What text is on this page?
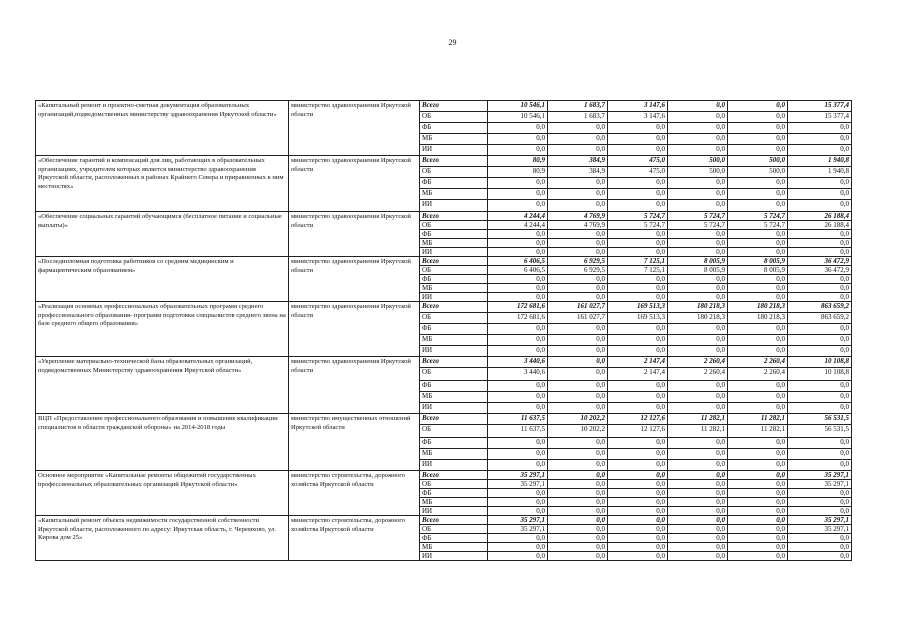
29
«Капитальный ремонт и проектно-сметная документация образовательных организаций,подведомственных министерству здравоохранения Иркутской области»	министерство здравоохранения Иркутской области	Всего	10 546,1	1 683,7	3 147,6	0,0	0,0	15 377,4
		ОБ	10 546,1	1 683,7	3 147,6	0,0	0,0	15 377,4
		ФБ	0,0	0,0	0,0	0,0	0,0	0,0
		МБ	0,0	0,0	0,0	0,0	0,0	0,0
		ИИ	0,0	0,0	0,0	0,0	0,0	0,0
«Обеспечение гарантий и компенсаций для лиц, работающих в образовательных организациях, учредителем которых является министерство здравоохранения Иркутской области, расположенных в районах Крайнего Севера и приравненных к ним местностях»	министерство здравоохранения Иркутской области	Всего	80,9	384,9	475,0	500,0	500,0	1 940,8
		ОБ	80,9	384,9	475,0	500,0	500,0	1 940,8
		ФБ	0,0	0,0	0,0	0,0	0,0	0,0
		МБ	0,0	0,0	0,0	0,0	0,0	0,0
		ИИ	0,0	0,0	0,0	0,0	0,0	0,0
«Обеспечение социальных гарантий обучающимся (бесплатное питание и социальные выплаты)»	министерство здравоохранения Иркутской области	Всего	4 244,4	4 769,9	5 724,7	5 724,7	5 724,7	26 188,4
		ОБ	4 244,4	4 769,9	5 724,7	5 724,7	5 724,7	26 188,4
		ФБ	0,0	0,0	0,0	0,0	0,0	0,0
		МБ	0,0	0,0	0,0	0,0	0,0	0,0
		ИИ	0,0	0,0	0,0	0,0	0,0	0,0
«Последипломная подготовка работников со средним медицинским и фармацевтическим образованием»	министерство здравоохранения Иркутской области	Всего	6 406,5	6 929,5	7 125,1	8 005,9	8 005,9	36 472,9
		ОБ	6 406,5	6 929,5	7 125,1	8 005,9	8 005,9	36 472,9
		ФБ	0,0	0,0	0,0	0,0	0,0	0,0
		МБ	0,0	0,0	0,0	0,0	0,0	0,0
		ИИ	0,0	0,0	0,0	0,0	0,0	0,0
«Реализация основных профессиональных образовательных программ среднего профессионального образования- программ подготовки специалистов среднего звена на базе среднего общего образования»	министерство здравоохранения Иркутской области	Всего	172 681,6	161 027,7	169 513,3	180 218,3	180 218,3	863 659,2
		ОБ	172 681,6	161 027,7	169 513,3	180 218,3	180 218,3	863 659,2
		ФБ	0,0	0,0	0,0	0,0	0,0	0,0
		МБ	0,0	0,0	0,0	0,0	0,0	0,0
		ИИ	0,0	0,0	0,0	0,0	0,0	0,0
«Укрепление материально-технической базы образовательных организаций, подведомственных Министерству здравоохранения Иркутской области»	министерство здравоохранения Иркутской области	Всего	3 440,6	0,0	2 147,4	2 260,4	2 260,4	10 108,8
		ОБ	3 440,6	0,0	2 147,4	2 260,4	2 260,4	10 108,8
		ФБ	0,0	0,0	0,0	0,0	0,0	0,0
		МБ	0,0	0,0	0,0	0,0	0,0	0,0
		ИИ	0,0	0,0	0,0	0,0	0,0	0,0
ВЦП «Предоставление профессионального образования и повышение квалификации специалистов в области гражданской обороны» на 2014-2018 годы	министерство имущественных отношений Иркутской области	Всего	11 637,5	10 202,2	12 127,6	11 282,1	11 282,1	56 531,5
		ОБ	11 637,5	10 202,2	12 127,6	11 282,1	11 282,1	56 531,5
		ФБ	0,0	0,0	0,0	0,0	0,0	0,0
		МБ	0,0	0,0	0,0	0,0	0,0	0,0
		ИИ	0,0	0,0	0,0	0,0	0,0	0,0
Основное мероприятие «Капитальные ремонты общежитий государственных профессиональных образовательных организаций Иркутской области»	министерство строительства, дорожного хозяйства Иркутской области	Всего	35 297,1	0,0	0,0	0,0	0,0	35 297,1
		ОБ	35 297,1	0,0	0,0	0,0	0,0	35 297,1
		ФБ	0,0	0,0	0,0	0,0	0,0	0,0
		МБ	0,0	0,0	0,0	0,0	0,0	0,0
		ИИ	0,0	0,0	0,0	0,0	0,0	0,0
«Капитальный ремонт объекта недвижимости государственной собственности Иркутской области, расположенного по адресу: Иркутская область, г. Черемхово, ул. Кирова дом 25»	министерство строительства, дорожного хозяйства Иркутской области	Всего	35 297,1	0,0	0,0	0,0	0,0	35 297,1
		ОБ	35 297,1	0,0	0,0	0,0	0,0	35 297,1
		ФБ	0,0	0,0	0,0	0,0	0,0	0,0
		МБ	0,0	0,0	0,0	0,0	0,0	0,0
		ИИ	0,0	0,0	0,0	0,0	0,0	0,0
